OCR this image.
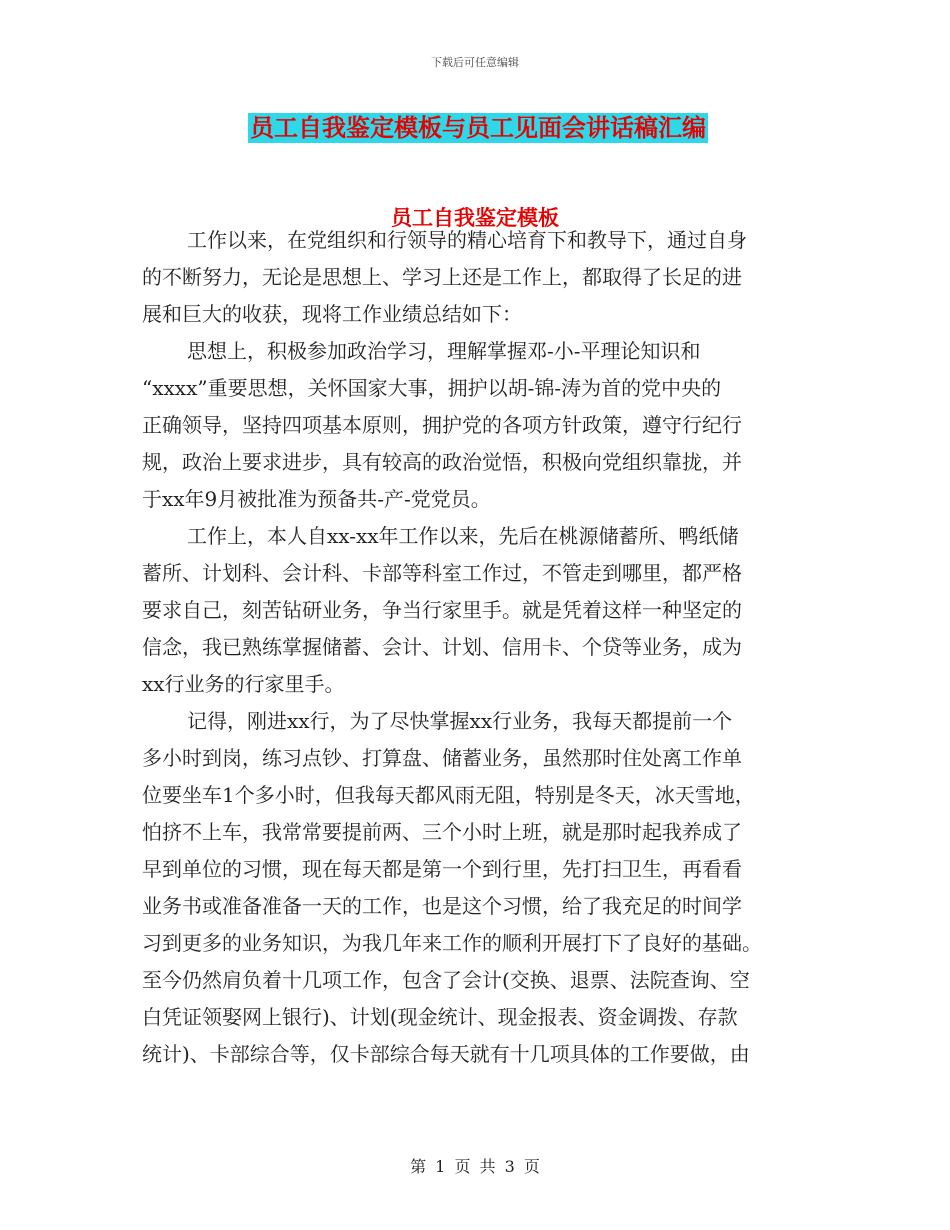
下载后可任意编辑
员工自我鉴定模板与员工见面会讲话稿汇编
员工自我鉴定模板
工作以来，在党组织和行领导的精心培育下和教导下，通过自身
的不断努力，无论是思想上、学习上还是工作上，都取得了长足的进
展和巨大的收获，现将工作业绩总结如下：
思想上，积极参加政治学习，理解掌握邓-小-平理论知识和
“xxxx”重要思想，关怀国家大事，拥护以胡-锦-涛为首的党中央的
正确领导，坚持四项基本原则，拥护党的各项方针政策，遵守行纪行
规，政治上要求进步，具有较高的政治觉悟，积极向党组织靠拢，并
于xx年9月被批准为预备共-产-党党员。
工作上，本人自xx-xx年工作以来，先后在桃源储蓄所、鸭纸储
蓄所、计划科、会计科、卡部等科室工作过，不管走到哪里，都严格
要求自己，刻苦钻研业务，争当行家里手。就是凭着这样一种坚定的
信念，我已熟练掌握储蓄、会计、计划、信用卡、个贷等业务，成为
xx行业务的行家里手。
记得，刚进xx行，为了尽快掌握xx行业务，我每天都提前一个
多小时到岗，练习点钞、打算盘、储蓄业务，虽然那时住处离工作单
位要坐车1个多小时，但我每天都风雨无阻，特别是冬天，冰天雪地，
怕挤不上车，我常常要提前两、三个小时上班，就是那时起我养成了
早到单位的习惯，现在每天都是第一个到行里，先打扫卫生，再看看
业务书或准备准备一天的工作，也是这个习惯，给了我充足的时间学
习到更多的业务知识，为我几年来工作的顺利开展打下了良好的基础。
至今仍然肩负着十几项工作，包含了会计(交换、退票、法院查询、空
白凭证领娶网上银行)、计划(现金统计、现金报表、资金调拨、存款
统计)、卡部综合等，仅卡部综合每天就有十几项具体的工作要做，由
第 1 页 共 3 页
